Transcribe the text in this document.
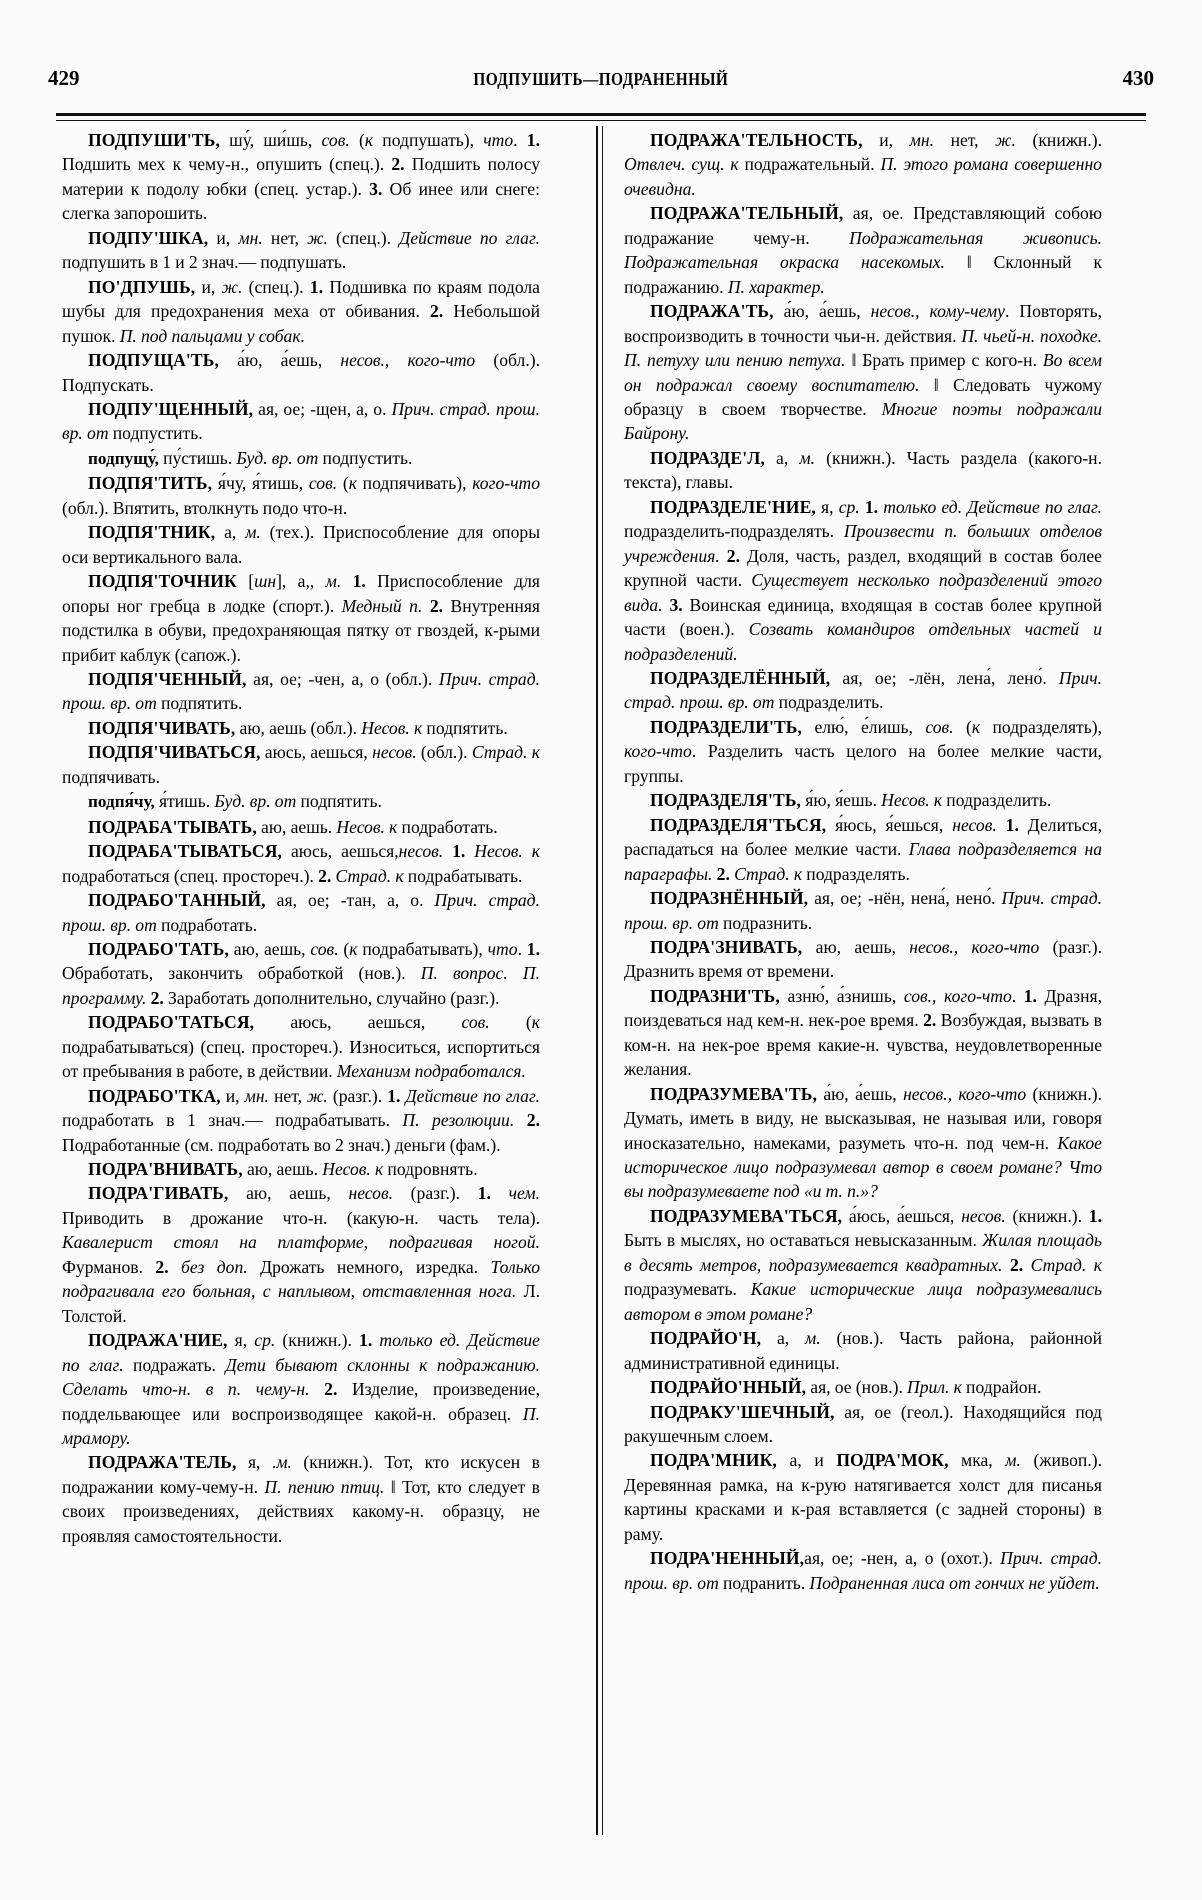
429	ПОДПУШИТЬ—ПОДРАНЕННЫЙ	430

ПОДПУШИ'ТЬ, шу́, ши́шь, сов. (к подпушать), что. 1. Подшить мех к чему-н., опушить (спец.). 2. Подшить полосу материи к подолу юбки (спец. устар.). 3. Об инее или снеге: слегка запорошить.

ПОДПУ'ШКА, и, мн. нет, ж. (спец.). Действие по глаг. подпушить в 1 и 2 знач.— подпушать.

ПО'ДПУШЬ, и, ж. (спец.). 1. Подшивка по краям подола шубы для предохранения меха от обивания. 2. Небольшой пушок. П. под пальцами у собак.

ПОДПУЩА'ТЬ, а́ю, а́ешь, несов., кого-что (обл.). Подпускать.

ПОДПУ'ЩЕННЫЙ, ая, ое; -щен, а, о. Прич. страд. прош. вр. от подпустить.

подпущу́, пу́стишь. Буд. вр. от подпустить.

ПОДПЯ'ТИТЬ, я́чу, я́тишь, сов. (к подпячивать), кого-что (обл.). Впятить, втолкнуть подо что-н.

ПОДПЯ'ТНИК, а, м. (тех.). Приспособление для опоры оси вертикального вала.

ПОДПЯ'ТОЧНИК [шн], а,, м. 1. Приспособление для опоры ног гребца в лодке (спорт.). Медный п. 2. Внутренняя подстилка в обуви, предохраняющая пятку от гвоздей, к-рыми прибит каблук (сапож.).

ПОДПЯ'ЧЕННЫЙ, ая, ое; -чен, а, о (обл.). Прич. страд. прош. вр. от подпятить.

ПОДПЯ'ЧИВАТЬ, аю, аешь (обл.). Несов. к подпятить.

ПОДПЯ'ЧИВАТЬСЯ, аюсь, аешься, несов. (обл.). Страд. к подпячивать.

подпя́чу, я́тишь. Буд. вр. от подпятить.

ПОДРАБА'ТЫВАТЬ, аю, аешь. Несов. к подработать.

ПОДРАБА'ТЫВАТЬСЯ, аюсь, аешься,несов. 1. Несов. к подработаться (спец. простореч.). 2. Страд. к подрабатывать.

ПОДРАБО'ТАННЫЙ, ая, ое; -тан, а, о. Прич. страд. прош. вр. от подработать.

ПОДРАБО'ТАТЬ, аю, аешь, сов. (к подрабатывать), что. 1. Обработать, закончить обработкой (нов.). П. вопрос. П. программу. 2. Заработать дополнительно, случайно (разг.).

ПОДРАБО'ТАТЬСЯ, аюсь, аешься, сов. (к подрабатываться) (спец. простореч.). Износиться, испортиться от пребывания в работе, в действии. Механизм подработался.

ПОДРАБО'ТКА, и, мн. нет, ж. (разг.). 1. Действие по глаг. подработать в 1 знач.— подрабатывать. П. резолюции. 2. Подработанные (см. подработать во 2 знач.) деньги (фам.).

ПОДРА'ВНИВАТЬ, аю, аешь. Несов. к подровнять.

ПОДРА'ГИВАТЬ, аю, аешь, несов. (разг.). 1. чем. Приводить в дрожание что-н. (какую-н. часть тела). Кавалерист стоял на платформе, подрагивая ногой. Фурманов. 2. без доп. Дрожать немного, изредка. Только подрагивала его больная, с наплывом, отставленная нога. Л. Толстой.

ПОДРАЖА'НИЕ, я, ср. (книжн.). 1. только ед. Действие по глаг. подражать. Дети бывают склонны к подражанию. Сделать что-н. в п. чему-н. 2. Изделие, произведение, поддельвающее или воспроизводящее какой-н. образец. П. мрамору.

ПОДРАЖА'ТЕЛЬ, я, .м. (книжн.). Тот, кто искусен в подражании кому-чему-н. П. пению птиц. ǁ Тот, кто следует в своих произведениях, действиях какому-н. образцу, не проявляя самостоятельности.

ПОДРАЖА'ТЕЛЬНОСТЬ, и, мн. нет, ж. (книжн.). Отвлеч. сущ. к подражательный. П. этого романа совершенно очевидна.

ПОДРАЖА'ТЕЛЬНЫЙ, ая, ое. Представляющий собою подражание чему-н. Подражательная живопись. Подражательная окраска насекомых. ǁ Склонный к подражанию. П. характер.

ПОДРАЖА'ТЬ, а́ю, а́ешь, несов., кому-чему. Повторять, воспроизводить в точности чьи-н. действия. П. чьей-н. походке. П. петуху или пению петуха. ǁ Брать пример с кого-н. Во всем он подражал своему воспитателю. ǁ Следовать чужому образцу в своем творчестве. Многие поэты подражали Байрону.

ПОДРАЗДЕ'Л, а, м. (книжн.). Часть раздела (какого-н. текста), главы.

ПОДРАЗДЕЛЕ'НИЕ, я, ср. 1. только ед. Действие по глаг. подразделить-подразделять. Произвести п. больших отделов учреждения. 2. Доля, часть, раздел, входящий в состав более крупной части. Существует несколько подразделений этого вида. 3. Воинская единица, входящая в состав более крупной части (воен.). Созвать командиров отдельных частей и подразделений.

ПОДРАЗДЕЛЁННЫЙ, ая, ое; -лён, лена́, лено́. Прич. страд. прош. вр. от подразделить.

ПОДРАЗДЕЛИ'ТЬ, елю́, е́лишь, сов. (к подразделять), кого-что. Разделить часть целого на более мелкие части, группы.

ПОДРАЗДЕЛЯ'ТЬ, я́ю, я́ешь. Несов. к подразделить.

ПОДРАЗДЕЛЯ'ТЬСЯ, я́юсь, я́ешься, несов. 1. Делиться, распадаться на более мелкие части. Глава подразделяется на параграфы. 2. Страд. к подразделять.

ПОДРАЗНЁННЫЙ, ая, ое; -нён, нена́, нено́. Прич. страд. прош. вр. от подразнить.

ПОДРА'ЗНИВАТЬ, аю, аешь, несов., кого-что (разг.). Дразнить время от времени.

ПОДРАЗНИ'ТЬ, азню́, а́знишь, сов., кого-что. 1. Дразня, поиздеваться над кем-н. нек-рое время. 2. Возбуждая, вызвать в ком-н. на нек-рое время какие-н. чувства, неудовлетворенные желания.

ПОДРАЗУМЕВА'ТЬ, а́ю, а́ешь, несов., кого-что (книжн.). Думать, иметь в виду, не высказывая, не называя или, говоря иносказательно, намеками, разуметь что-н. под чем-н. Какое историческое лицо подразумевал автор в своем романе? Что вы подразумеваете под «и т. п.»?

ПОДРАЗУМЕВА'ТЬСЯ, а́юсь, а́ешься, несов. (книжн.). 1. Быть в мыслях, но оставаться невысказанным. Жилая площадь в десять метров, подразумевается квадратных. 2. Страд. к подразумевать. Какие исторические лица подразумевались автором в этом романе?

ПОДРАЙО'Н, а, м. (нов.). Часть района, районной административной единицы.

ПОДРАЙО'ННЫЙ, ая, ое (нов.). Прил. к подрайон.

ПОДРАКУ'ШЕЧНЫЙ, ая, ое (геол.). Находящийся под ракушечным слоем.

ПОДРА'МНИК, а, и ПОДРА'МОК, мка, м. (живоп.). Деревянная рамка, на к-рую натягивается холст для писанья картины красками и к-рая вставляется (с задней стороны) в раму.

ПОДРА'НЕННЫЙ,ая, ое; -нен, а, о (охот.). Прич. страд. прош. вр. от подранить. Подраненная лиса от гончих не уйдет.
